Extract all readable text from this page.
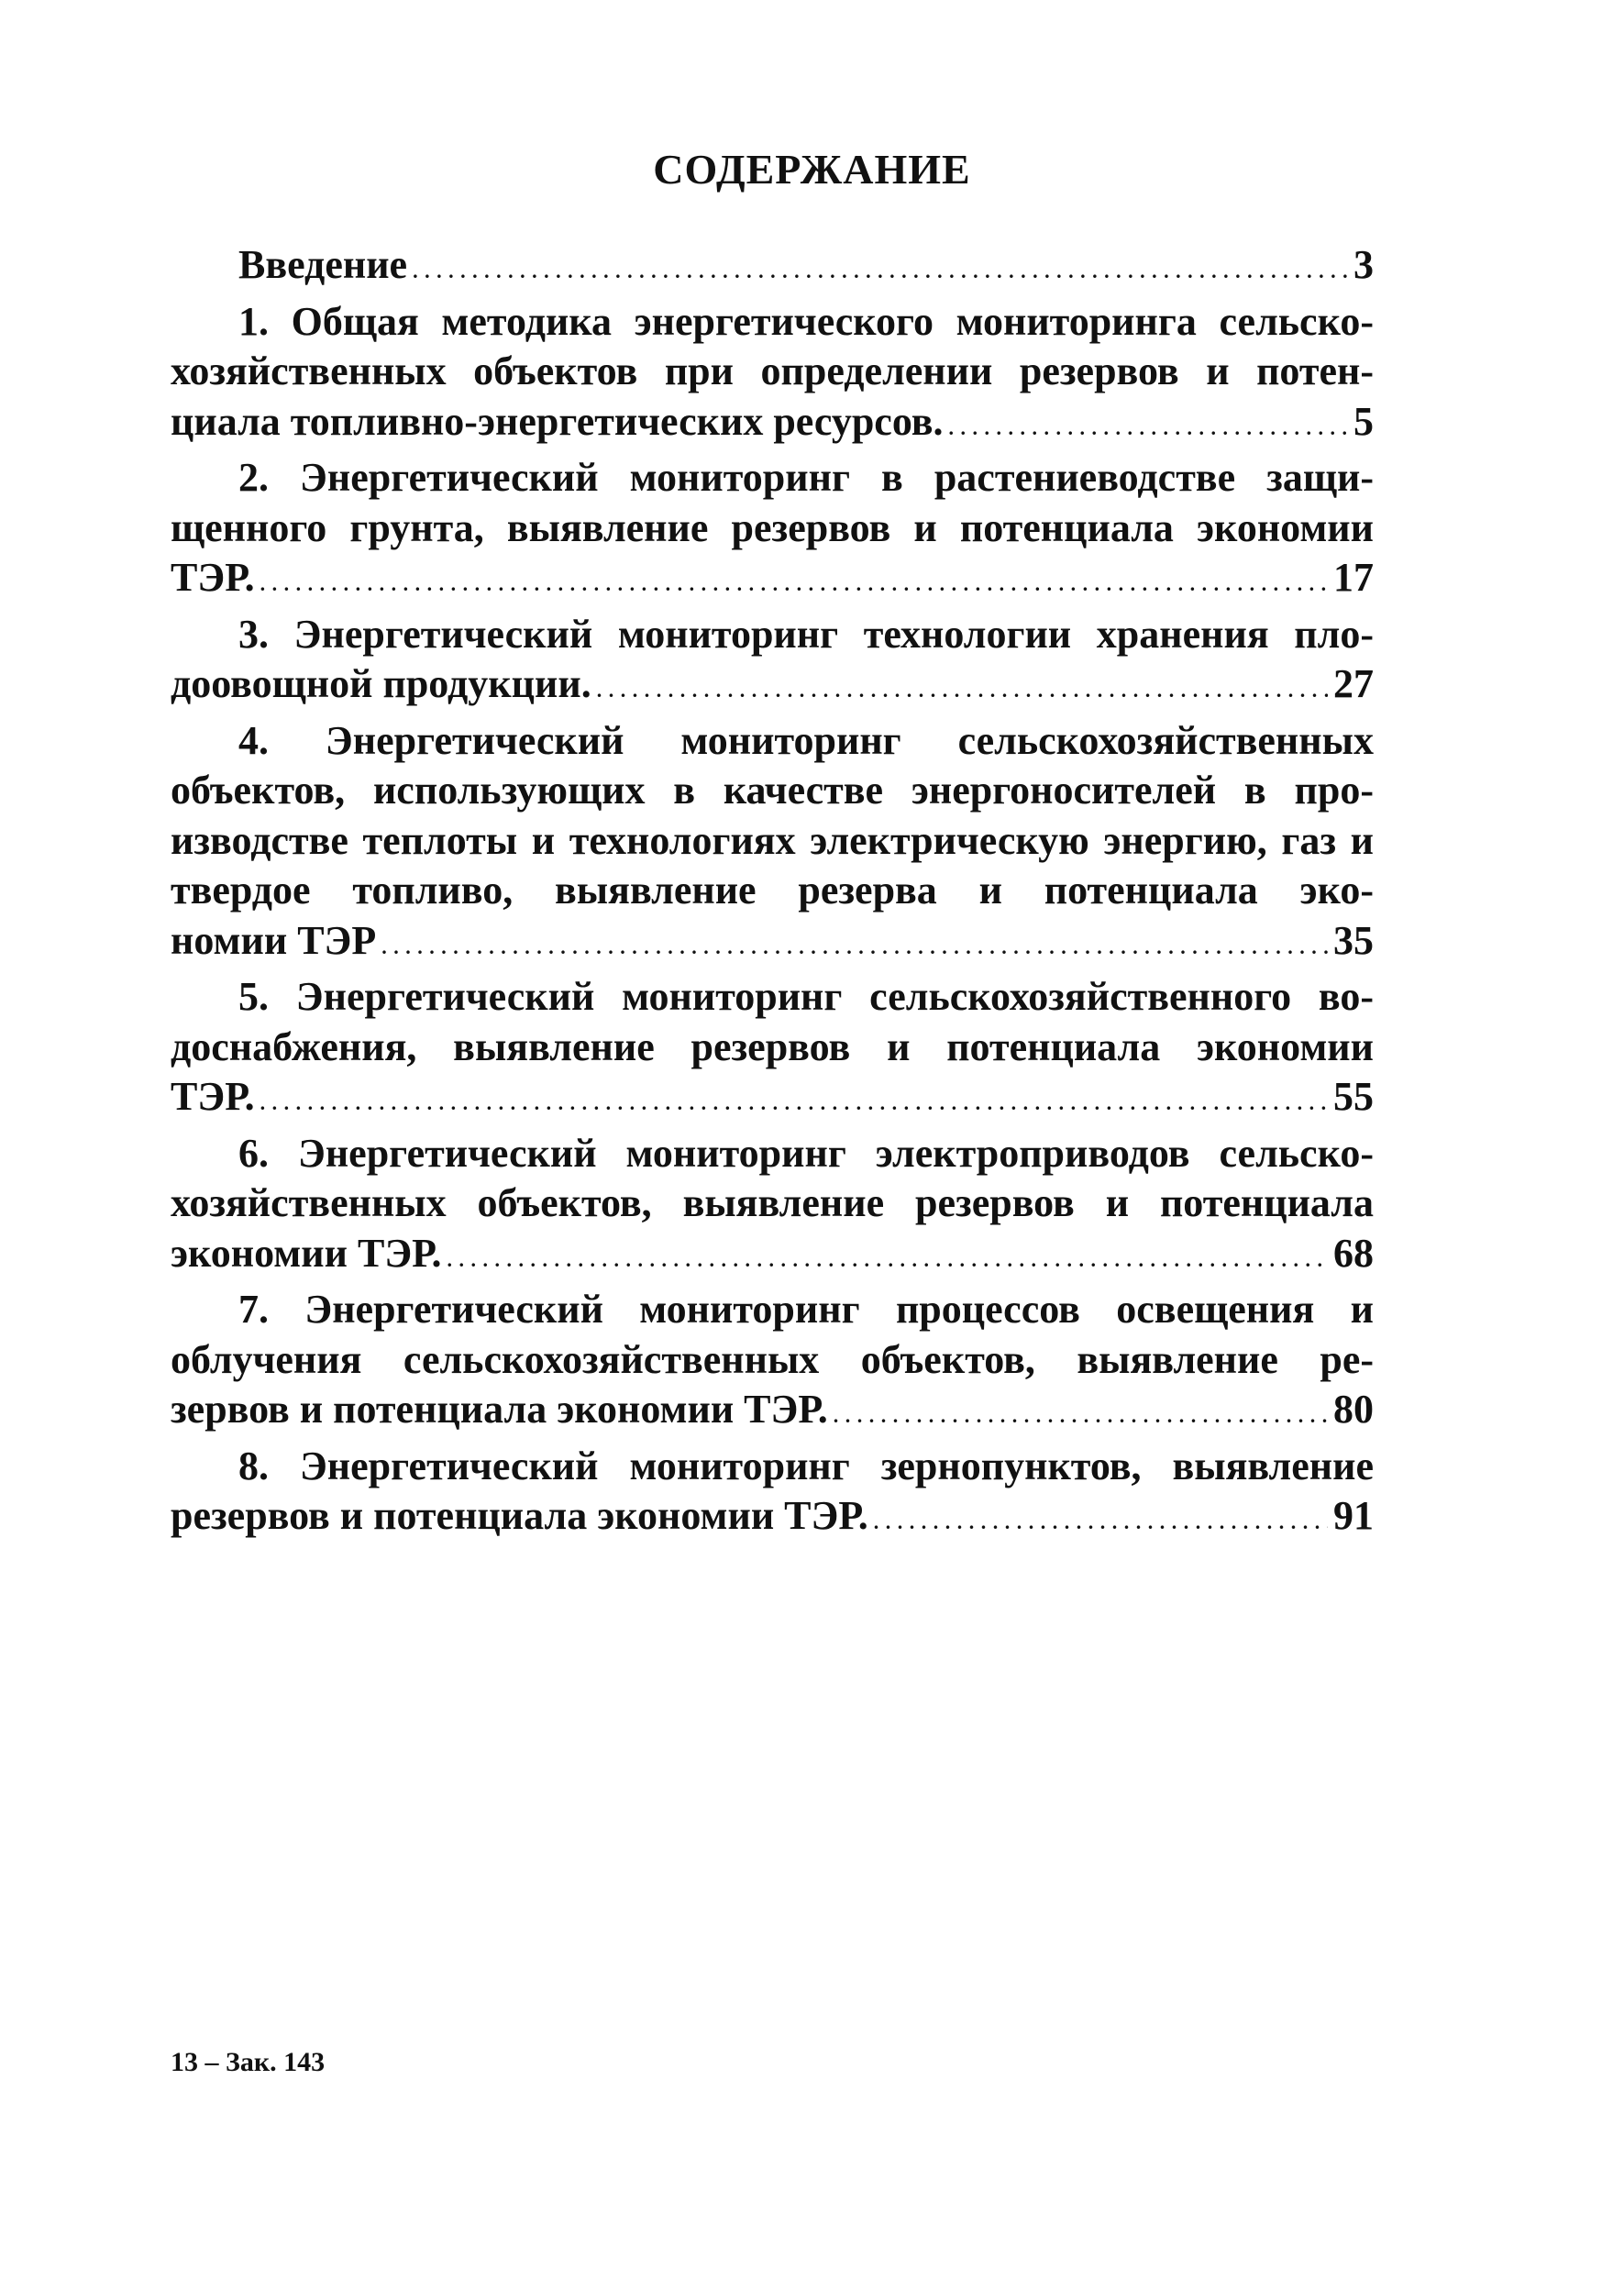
СОДЕРЖАНИЕ
Введение . . .	3
1. Общая методика энергетического мониторинга сельскохозяйственных объектов при определении резервов и потен-
циала топливно-энергетических ресурсов. . . .	5
2. Энергетический мониторинг в растениеводстве защищенного грунта, выявление резервов и потенциала экономии
ТЭР. . . .	17
3. Энергетический мониторинг технологии хранения пло-
доовощной продукции. . . .	27
4. Энергетический мониторинг сельскохозяйственных объектов, использующих в качестве энергоносителей в производстве теплоты и технологиях электрическую энергию, газ и твердое топливо, выявление резерва и потенциала эко-
номии ТЭР . . .	35
5. Энергетический мониторинг сельскохозяйственного водоснабжения, выявление резервов и потенциала экономии
ТЭР. . . .	55
6. Энергетический мониторинг электроприводов сельскохозяйственных объектов, выявление резервов и потенциала
экономии ТЭР. . . .	68
7. Энергетический мониторинг процессов освещения и облучения сельскохозяйственных объектов, выявление ре-
зервов и потенциала экономии ТЭР. . . .	80
8. Энергетический мониторинг зернопунктов, выявление
резервов и потенциала экономии ТЭР. . . .	91
13 – Зак. 143
